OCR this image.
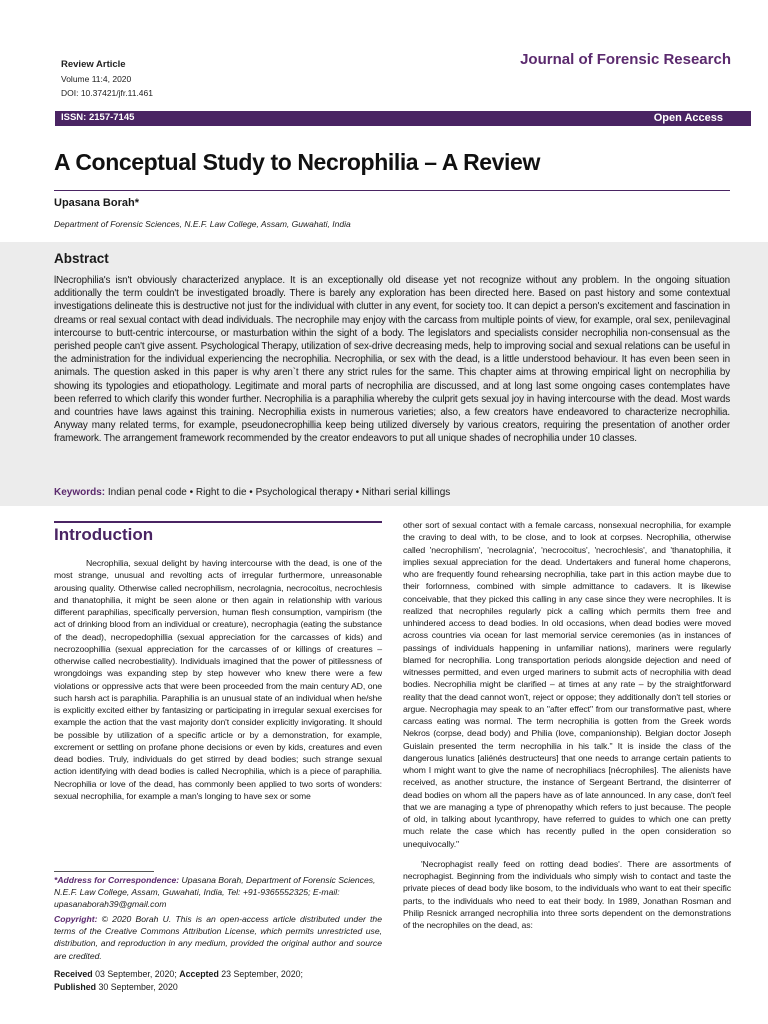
Review Article
Volume 11:4, 2020
DOI: 10.37421/jfr.11.461
Journal of Forensic Research
ISSN: 2157-7145	Open Access
A Conceptual Study to Necrophilia – A Review
Upasana Borah*
Department of Forensic Sciences, N.E.F. Law College, Assam, Guwahati, India
Abstract
lNecrophilia's isn't obviously characterized anyplace. It is an exceptionally old disease yet not recognize without any problem. In the ongoing situation additionally the term couldn't be investigated broadly. There is barely any exploration has been directed here. Based on past history and some contextual investigations delineate this is destructive not just for the individual with clutter in any event, for society too. It can depict a person's excitement and fascination in dreams or real sexual contact with dead individuals. The necrophile may enjoy with the carcass from multiple points of view, for example, oral sex, penilevaginal intercourse to butt-centric intercourse, or masturbation within the sight of a body. The legislators and specialists consider necrophilia non-consensual as the perished people can't give assent. Psychological Therapy, utilization of sex-drive decreasing meds, help to improving social and sexual relations can be useful in the administration for the individual experiencing the necrophilia. Necrophilia, or sex with the dead, is a little understood behaviour. It has even been seen in animals. The question asked in this paper is why aren`t there any strict rules for the same. This chapter aims at throwing empirical light on necrophilia by showing its typologies and etiopathology. Legitimate and moral parts of necrophilia are discussed, and at long last some ongoing cases contemplates have been referred to which clarify this wonder further. Necrophilia is a paraphilia whereby the culprit gets sexual joy in having intercourse with the dead. Most wards and countries have laws against this training. Necrophilia exists in numerous varieties; also, a few creators have endeavored to characterize necrophilia. Anyway many related terms, for example, pseudonecrophillia keep being utilized diversely by various creators, requiring the presentation of another order framework. The arrangement framework recommended by the creator endeavors to put all unique shades of necrophilia under 10 classes.
Keywords: Indian penal code • Right to die • Psychological therapy • Nithari serial killings
Introduction
Necrophilia, sexual delight by having intercourse with the dead, is one of the most strange, unusual and revolting acts of irregular furthermore, unreasonable arousing quality. Otherwise called necrophilism, necrolagnia, necrocoitus, necrochlesis and thanatophilia, it might be seen alone or then again in relationship with various different paraphilias, specifically perversion, human flesh consumption, vampirism (the act of drinking blood from an individual or creature), necrophagia (eating the substance of the dead), necropedophillia (sexual appreciation for the carcasses of kids) and necrozoophillia (sexual appreciation for the carcasses of or killings of creatures – otherwise called necrobestiality). Individuals imagined that the power of pitilessness of wrongdoings was expanding step by step however who knew there were a few violations or oppressive acts that were been proceeded from the main century AD, one such harsh act is paraphilia. Paraphilia is an unusual state of an individual when he/she is explicitly excited either by fantasizing or participating in irregular sexual exercises for example the action that the vast majority don't consider explicitly invigorating. It should be possible by utilization of a specific article or by a demonstration, for example, excrement or settling on profane phone decisions or even by kids, creatures and even dead bodies. Truly, individuals do get stirred by dead bodies; such strange sexual action identifying with dead bodies is called Necrophilia, which is a piece of paraphilia. Necrophilia or love of the dead, has commonly been applied to two sorts of wonders: sexual necrophilia, for example a man's longing to have sex or some
other sort of sexual contact with a female carcass, nonsexual necrophilia, for example the craving to deal with, to be close, and to look at corpses. Necrophilia, otherwise called 'necrophilism', 'necrolagnia', 'necrocoitus', 'necrochlesis', and 'thanatophilia, it implies sexual appreciation for the dead. Undertakers and funeral home chaperons, who are frequently found rehearsing necrophilia, take part in this action maybe due to their forlornness, combined with simple admittance to cadavers. It is likewise conceivable, that they picked this calling in any case since they were necrophiles. It is realized that necrophiles regularly pick a calling which permits them free and unhindered access to dead bodies. In old occasions, when dead bodies were moved across countries via ocean for last memorial service ceremonies (as in instances of passings of individuals happening in unfamiliar nations), mariners were regularly blamed for necrophilia. Long transportation periods alongside dejection and need of witnesses permitted, and even urged mariners to submit acts of necrophilia with dead bodies. Necrophilia might be clarified – at times at any rate – by the straightforward reality that the dead cannot won't, reject or oppose; they additionally don't tell stories or argue. Necrophagia may speak to an "after effect" from our transformative past, where carcass eating was normal. The term necrophilia is gotten from the Greek words Nekros (corpse, dead body) and Philia (love, companionship). Belgian doctor Joseph Guislain presented the term necrophilia in his talk." It is inside the class of the dangerous lunatics [aliénés destructeurs] that one needs to arrange certain patients to whom I might want to give the name of necrophiliacs [nécrophiles]. The alienists have received, as another structure, the instance of Sergeant Bertrand, the disinterrer of dead bodies on whom all the papers have as of late announced. In any case, don't feel that we are managing a type of phrenopathy which refers to just because. The people of old, in talking about lycanthropy, have referred to guides to which one can pretty much relate the case which has recently pulled in the open consideration so unequivocally."
'Necrophagist really feed on rotting dead bodies'. There are assortments of necrophagist. Beginning from the individuals who simply wish to contact and taste the private pieces of dead body like bosom, to the individuals who want to eat their specific parts, to the individuals who need to eat their body. In 1989, Jonathan Rosman and Philip Resnick arranged necrophilia into three sorts dependent on the demonstrations of the necrophiles on the dead, as:
*Address for Correspondence: Upasana Borah, Department of Forensic Sciences, N.E.F. Law College, Assam, Guwahati, India, Tel: +91-9365552325; E-mail: upasanaborah39@gmail.com
Copyright: © 2020 Borah U. This is an open-access article distributed under the terms of the Creative Commons Attribution License, which permits unrestricted use, distribution, and reproduction in any medium, provided the original author and source are credited.
Received 03 September, 2020; Accepted 23 September, 2020;
Published 30 September, 2020
